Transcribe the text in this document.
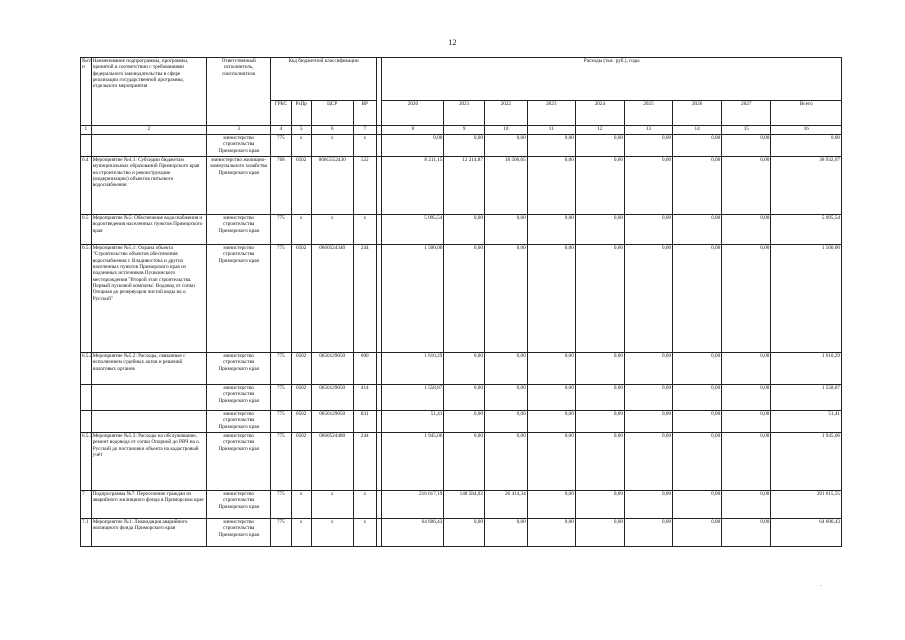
12
№п/п	Наименование подпрограммы, программы, принятой в соответствии с требованиями федерального законодательства в сфере реализации государственной программы, отдельного мероприятия	Ответственный исполнитель, соисполнители	Код бюджетной классификации					Расходы (тыс. руб.), годы								
			ГРБС	РзПр	ЦСР	ВР		2020	2021	2022	2023	2024	2025	2026	2027	Всего
1	2	3	4	5	6	7		8	9	10	11	12	13	14	15	16
		министерство строительства Приморского края	775	x	x	x		0,00	0,00	0,00	0,00	0,00	0,00	0,00	0,00	0,00
6.4	Мероприятие №4.1: Субсидии бюджетам муниципальных образований Приморского края на строительство и реконструкцию (модернизацию) объектов питьевого водоснабжения	министерство жилищно-коммунального хозяйства Приморского края	768	0502	066G552430	522		8 211,15	12 214,87	18 506,05	0,00	0,00	0,00	0,00	0,00	38 932,07
6.5	Мероприятие №5: Обеспечение водоснабжения и водоотведения населенных пунктов Приморского края	министерство строительства Приморского края	775	x	x	x		5 095,54	0,00	0,00	0,00	0,00	0,00	0,00	0,00	5 095,54
6.5.1	Мероприятие №5.1: Охрана объекта "Строительство объектов обеспечения водоснабжения г. Владивостока и других населенных пунктов Приморского края из подземных источников Пушкинского месторождения "Второй этап строительства. Первый пусковой комплекс. Водовод от сопки Опорная до резервуаров чистой воды на о. Русский"	министерство строительства Приморского края	775	0502	0660524340	244		1 500,00	0,00	0,00	0,00	0,00	0,00	0,00	0,00	1 500,00
6.5.2	Мероприятие №5.2: Расходы, связанные с исполнением судебных актов и решений налоговых органов	министерство строительства Приморского края	775	0502	0650129050	000		1 610,29	0,00	0,00	0,00	0,00	0,00	0,00	0,00	1 610,29
		министерство строительства Приморского края	775	0502	0650129050	414		1 558,87	0,00	0,00	0,00	0,00	0,00	0,00	0,00	1 558,87
		министерство строительства Приморского края	775	0502	0650129050	831		51,41	0,00	0,00	0,00	0,00	0,00	0,00	0,00	51,41
6.5.3	Мероприятие №5.3: Расходы на обслуживание, ремонт водовода от сопки Опорной до РВЧ на о. Русский до постановки объекта на кадастровый учёт	министерство строительства Приморского края	775	0502	0660524480	244		1 945,06	0,00	0,00	0,00	0,00	0,00	0,00	0,00	1 945,06
7	Подпрограмма №7: Переселение граждан из аварийного жилищного фонда в Приморском крае	министерство строительства Приморского края	775	x	x	x		216 017,19	148 584,02	26 414,34	0,00	0,00	0,00	0,00	0,00	391 015,55
7.1	Мероприятие №1: Ликвидация аварийного жилищного фонда Приморского края	министерство строительства Приморского края	775	x	x	x		64 606,43	0,00	0,00	0,00	0,00	0,00	0,00	0,00	64 606,43
.
